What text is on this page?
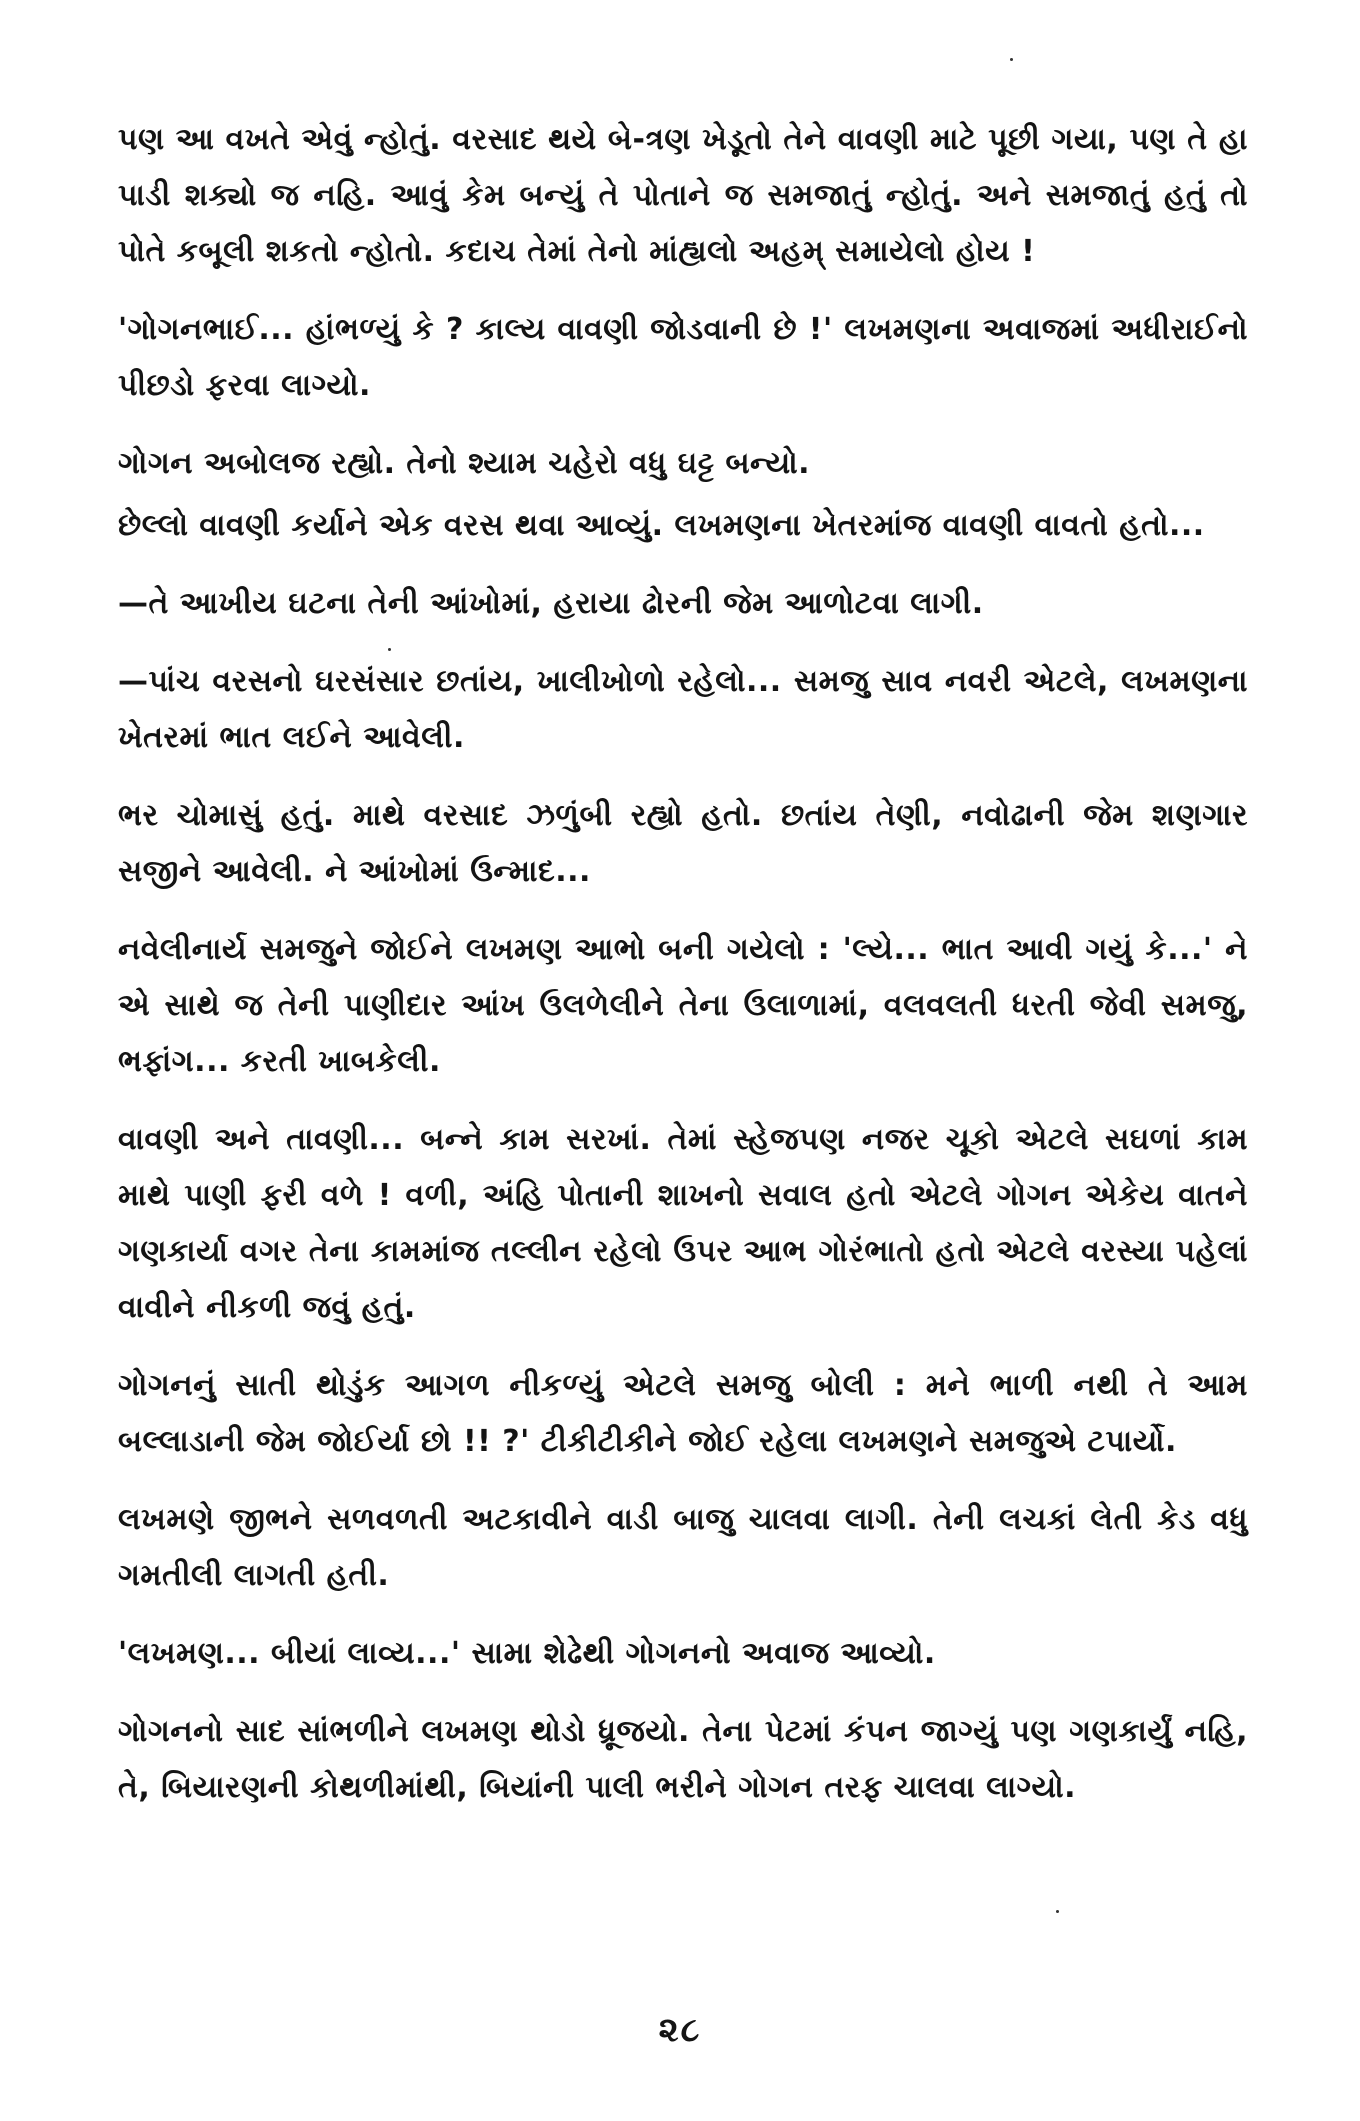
પણ આ વખતે એવું ન્હોતું. વરસાદ થયે બે-ત્રણ ખેડૂતો તેને વાવણી માટે પૂછી ગયા, પણ તે હા પાડી શક્યો જ નહિ. આવું કેમ બન્યું તે પોતાને જ સમજાતું ન્હોતું. અને સમજાતું હતું તો પોતે કબૂલી શકતો ન્હોતો. કદાચ તેમાં તેનો માંહ્યલો અહમ્ સમાયેલો હોય !

'ગોગનભાઈ... હાંભળ્યું કે ? કાલ્ય વાવણી જોડવાની છે !' લખમણના અવાજમાં અધીરાઈનો પીછડો ફરવા લાગ્યો.

ગોગન અબોલજ રહ્યો. તેનો શ્યામ ચહેરો વધુ ઘટ્ટ બન્યો.

છેલ્લો વાવણી કર્યાને એક વરસ થવા આવ્યું. લખમણના ખેતરમાંજ વાવણી વાવતો હતો...

—તે આખીય ઘટના તેની આંખોમાં, હરાયા ઢોરની જેમ આળોટવા લાગી.

—પાંચ વરસનો ઘરસંસાર છતાંય, ખાલીખોળો રહેલો... સમજુ સાવ નવરી એટલે, લખમણના ખેતરમાં ભાત લઈને આવેલી.

ભર ચોમાસું હતું. માથે વરસાદ ઝળુંબી રહ્યો હતો. છતાંય તેણી, નવોઢાની જેમ શણગાર સજીને આવેલી. ને આંખોમાં ઉન્માદ...

નવેલીનાર્ય સમજુને જોઈને લખમણ આભો બની ગયેલો : 'લ્યે... ભાત આવી ગયું કે...' ને એ સાથે જ તેની પાણીદાર આંખ ઉલળેલીને તેના ઉલાળામાં, વલવલતી ધરતી જેવી સમજુ, ભફાંગ... કરતી ખાબકેલી.

વાવણી અને તાવણી... બન્ને કામ સરખાં. તેમાં સ્હેજપણ નજર ચૂકો એટલે સઘળાં કામ માથે પાણી ફરી વળે ! વળી, અંહિ પોતાની શાખનો સવાલ હતો એટલે ગોગન એકેય વાતને ગણકાર્યા વગર તેના કામમાંજ તલ્લીન રહેલો ઉપર આભ ગોરંભાતો હતો એટલે વરસ્યા પહેલાં વાવીને નીકળી જવું હતું.

ગોગનનું સાતી થોડુંક આગળ નીકળ્યું એટલે સમજુ બોલી : મને ભાળી નથી તે આમ બલ્લાડાની જેમ જોઈર્યા છો !! ?' ટીકીટીકીને જોઈ રહેલા લખમણને સમજુએ ટપાર્યો.

લખમણે જીભને સળવળતી અટકાવીને વાડી બાજુ ચાલવા લાગી. તેની લચકાં લેતી કેડ વધુ ગમતીલી લાગતી હતી.

'લખમણ... બીયાં લાવ્ય...' સામા શેઢેથી ગોગનનો અવાજ આવ્યો.

ગોગનનો સાદ સાંભળીને લખમણ થોડો ધ્રૂજયો. તેના પેટમાં કંપન જાગ્યું પણ ગણકાર્યું નહિ, તે, બિયારણની કોથળીમાંથી, બિયાંની પાલી ભરીને ગોગન તરફ ચાલવા લાગ્યો.

૨૮
